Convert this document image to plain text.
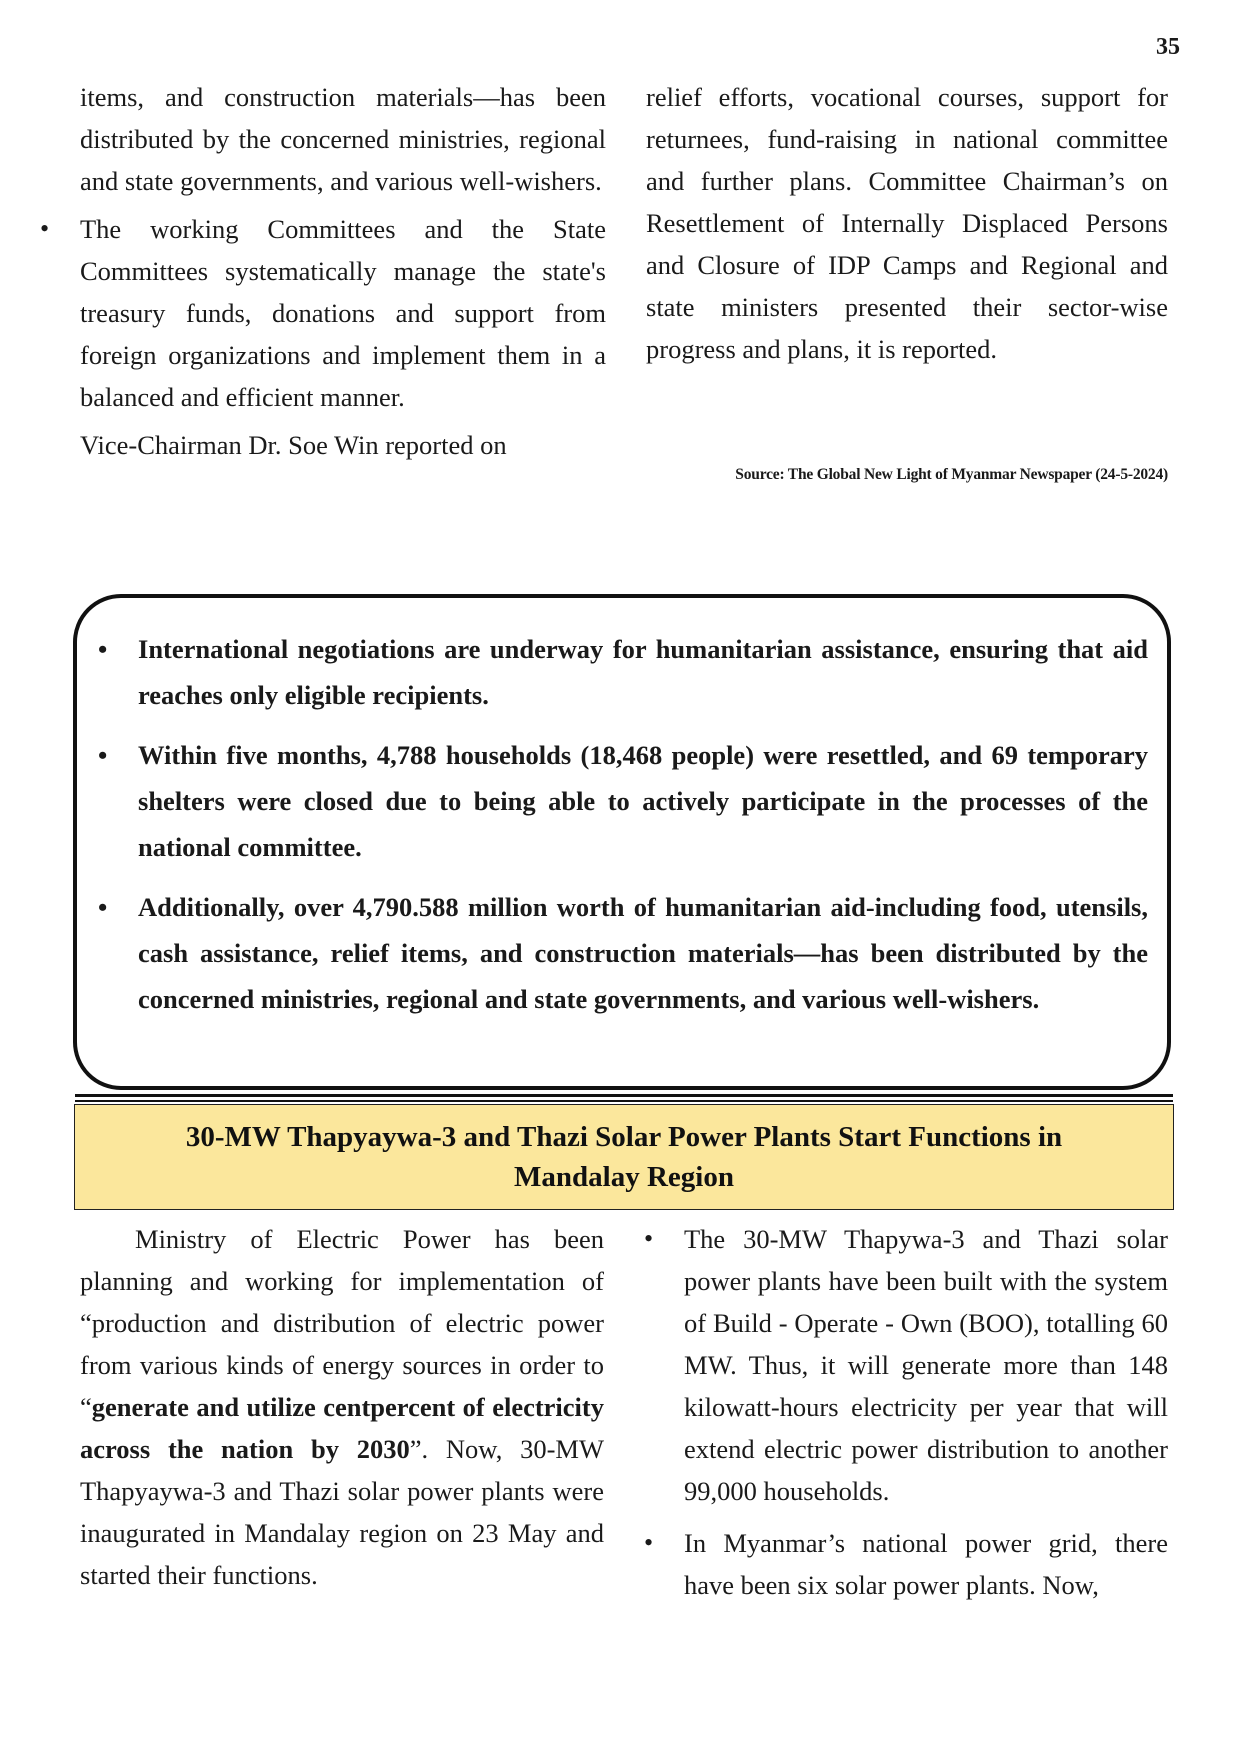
35

items, and construction materials—has been distributed by the concerned ministries, regional and state governments, and various well-wishers.

• The working Committees and the State Committees systematically manage the state's treasury funds, donations and support from foreign organizations and implement them in a balanced and efficient manner.

Vice-Chairman Dr. Soe Win reported on

relief efforts, vocational courses, support for returnees, fund-raising in national committee and further plans. Committee Chairman’s on Resettlement of Internally Displaced Persons and Closure of IDP Camps and Regional and state ministers presented their sector-wise progress and plans, it is reported.

Source: The Global New Light of Myanmar Newspaper (24-5-2024)
• International negotiations are underway for humanitarian assistance, ensuring that aid reaches only eligible recipients.
• Within five months, 4,788 households (18,468 people) were resettled, and 69 temporary shelters were closed due to being able to actively participate in the processes of the national committee.
• Additionally, over 4,790.588 million worth of humanitarian aid-including food, utensils, cash assistance, relief items, and construction materials—has been distributed by the concerned ministries, regional and state governments, and various well-wishers.
30-MW Thapyaywa-3 and Thazi Solar Power Plants Start Functions in Mandalay Region

Ministry of Electric Power has been planning and working for implementation of “production and distribution of electric power from various kinds of energy sources in order to “generate and utilize centpercent of electricity across the nation by 2030”. Now, 30-MW Thapyaywa-3 and Thazi solar power plants were inaugurated in Mandalay region on 23 May and started their functions.

• The 30-MW Thapywa-3 and Thazi solar power plants have been built with the system of Build - Operate - Own (BOO), totalling 60 MW. Thus, it will generate more than 148 kilowatt-hours electricity per year that will extend electric power distribution to another 99,000 households.

• In Myanmar’s national power grid, there have been six solar power plants. Now,
